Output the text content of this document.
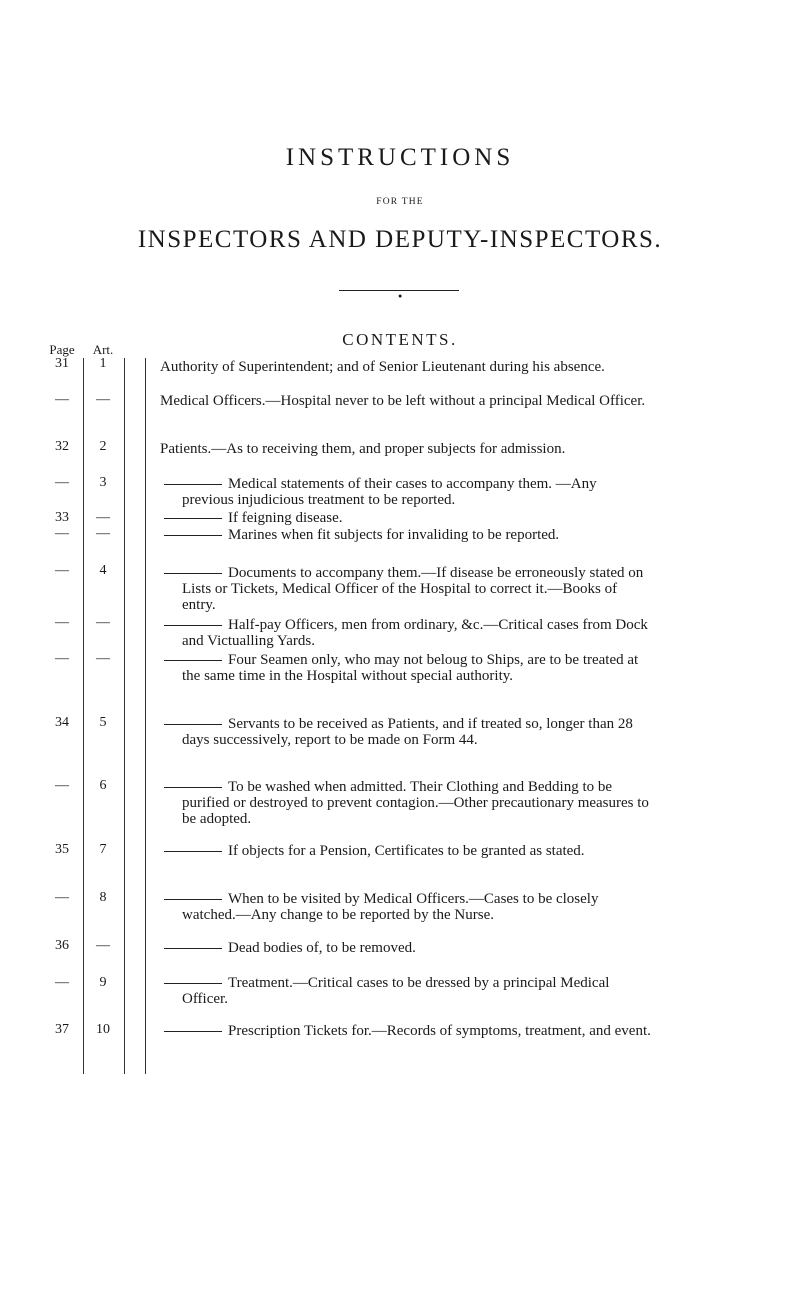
INSTRUCTIONS
FOR THE
INSPECTORS AND DEPUTY-INSPECTORS.
●
CONTENTS.
Page	Art.
31	1	Authority of Superintendent; and of Senior Lieutenant during his absence.
—	—	Medical Officers.—Hospital never to be left without a principal Medical Officer.
32	2	Patients.—As to receiving them, and proper subjects for admission.
—	3	Medical statements of their cases to accompany them. —Any previous injudicious treatment to be reported.
33	—	If feigning disease.
—	—	Marines when fit subjects for invaliding to be reported.
—	4	Documents to accompany them.—If disease be erroneously stated on Lists or Tickets, Medical Officer of the Hospital to correct it.—Books of entry.
—	—	Half-pay Officers, men from ordinary, &c.—Critical cases from Dock and Victualling Yards.
—	—	Four Seamen only, who may not beloug to Ships, are to be treated at the same time in the Hospital without special authority.
34	5	Servants to be received as Patients, and if treated so, longer than 28 days successively, report to be made on Form 44.
—	6	To be washed when admitted. Their Clothing and Bedding to be purified or destroyed to prevent contagion.—Other precautionary measures to be adopted.
35	7	If objects for a Pension, Certificates to be granted as stated.
—	8	When to be visited by Medical Officers.—Cases to be closely watched.—Any change to be reported by the Nurse.
36	—	Dead bodies of, to be removed.
—	9	Treatment.—Critical cases to be dressed by a principal Medical Officer.
37	10	Prescription Tickets for.—Records of symptoms, treatment, and event.
